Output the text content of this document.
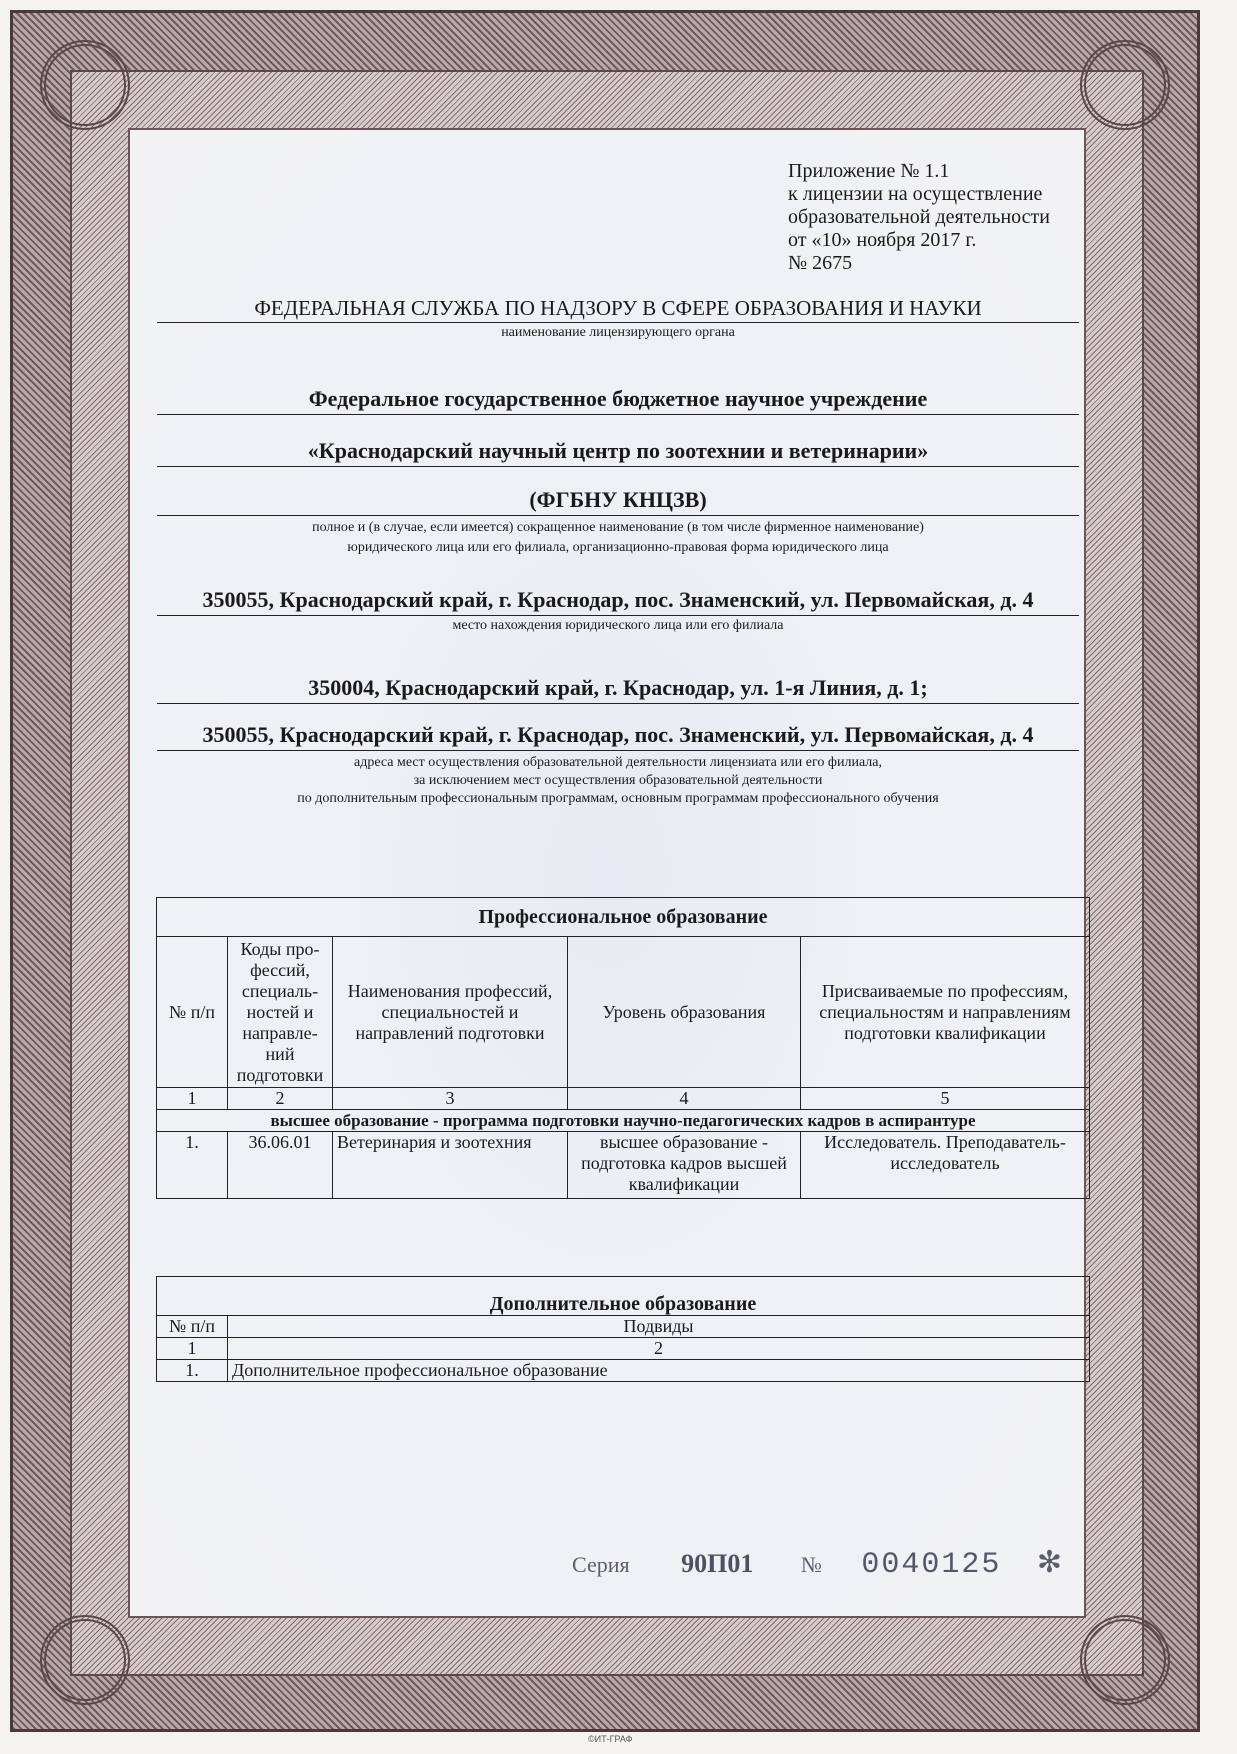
Приложение № 1.1
к лицензии на осуществление
образовательной деятельности
от «10» ноября 2017 г.
№ 2675
ФЕДЕРАЛЬНАЯ СЛУЖБА ПО НАДЗОРУ В СФЕРЕ ОБРАЗОВАНИЯ И НАУКИ
наименование лицензирующего органа
Федеральное государственное бюджетное научное учреждение
«Краснодарский научный центр по зоотехнии и ветеринарии»
(ФГБНУ КНЦЗВ)
полное и (в случае, если имеется) сокращенное наименование (в том числе фирменное наименование)
юридического лица или его филиала, организационно-правовая форма юридического лица
350055, Краснодарский край, г. Краснодар, пос. Знаменский, ул. Первомайская, д. 4
место нахождения юридического лица или его филиала
350004, Краснодарский край, г. Краснодар, ул. 1-я Линия, д. 1;
350055, Краснодарский край, г. Краснодар, пос. Знаменский, ул. Первомайская, д. 4
адреса мест осуществления образовательной деятельности лицензиата или его филиала,
за исключением мест осуществления образовательной деятельности
по дополнительным профессиональным программам, основным программам профессионального обучения
Профессиональное образование				
№ п/п	Коды про-фессий, специаль-ностей и направле-ний подготовки	Наименования профессий, специальностей и направлений подготовки	Уровень образования	Присваиваемые по профессиям, специальностям и направлениям подготовки квалификации
1	2	3	4	5
высшее образование - программа подготовки научно-педагогических кадров в аспирантуре				
1.	36.06.01	Ветеринария и зоотехния	высшее образование - подготовка кадров высшей квалификации	Исследователь. Преподаватель-исследователь
Дополнительное образование	
№ п/п	Подвиды
1	2
1.	Дополнительное профессиональное образование
Серия 90П01 № 0040125 ✻
©ИТ-ГРАФ
